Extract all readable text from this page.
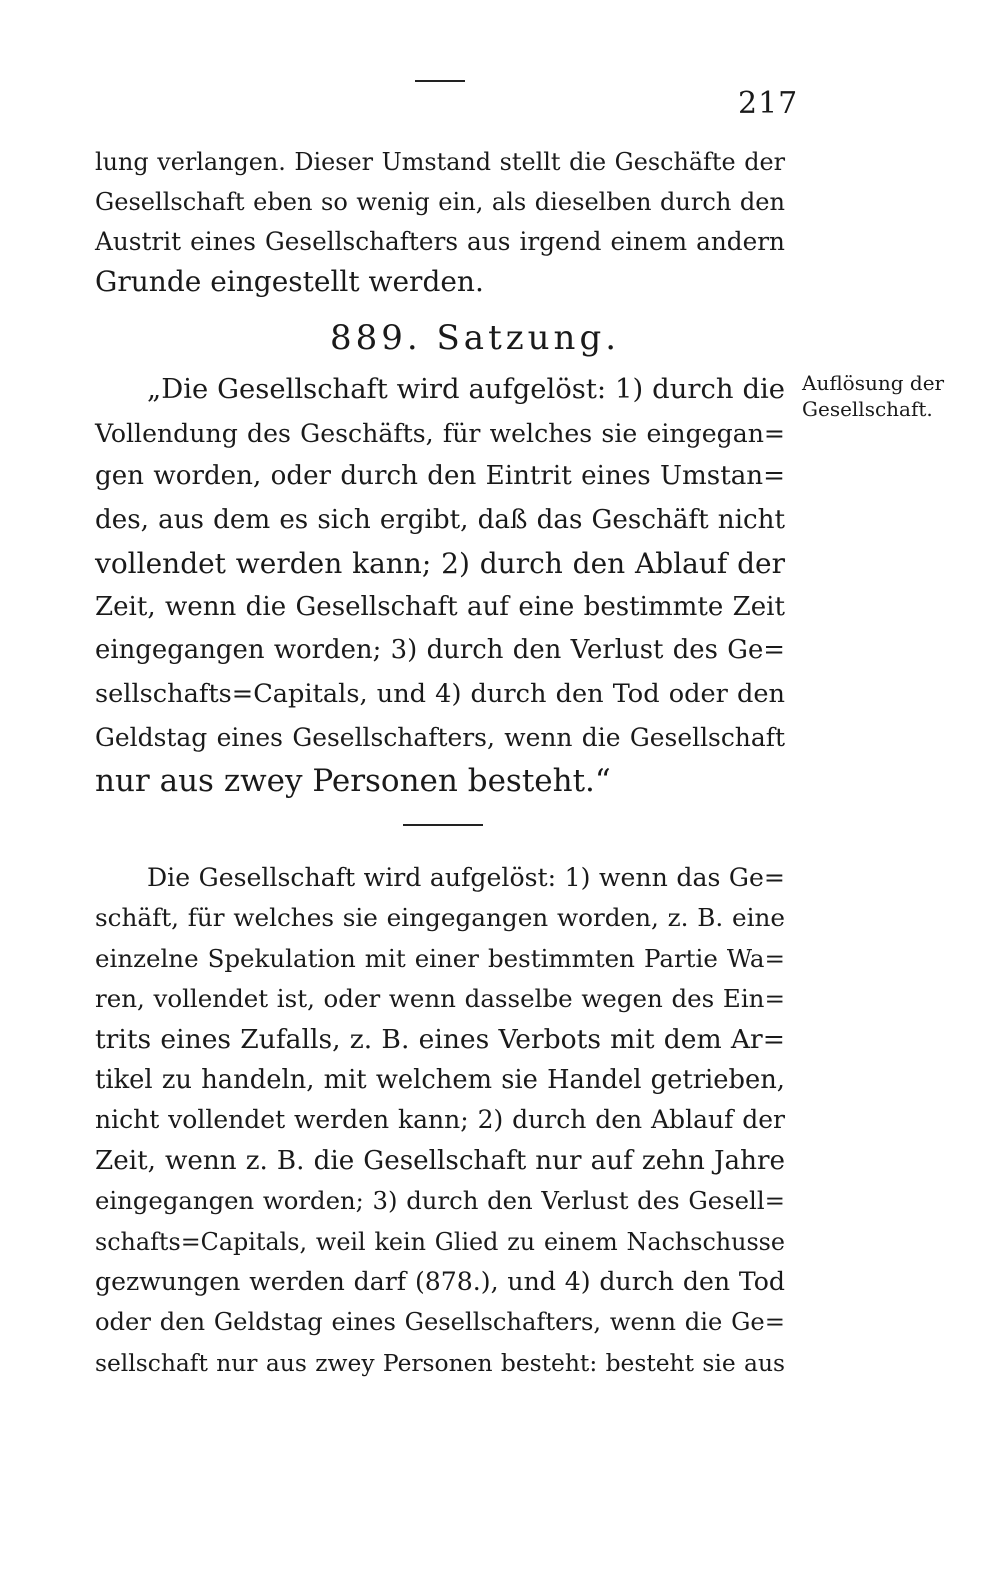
217
lung verlangen. Dieser Umstand stellt die Geschäfte der
Gesellschaft eben so wenig ein, als dieselben durch den
Austrit eines Gesellschafters aus irgend einem andern
Grunde eingestellt werden.
889. Satzung.
„Die Gesellschaft wird aufgelöst: 1) durch die
Vollendung des Geschäfts, für welches sie eingegan=
gen worden, oder durch den Eintrit eines Umstan=
des, aus dem es sich ergibt, daß das Geschäft nicht
vollendet werden kann; 2) durch den Ablauf der
Zeit, wenn die Gesellschaft auf eine bestimmte Zeit
eingegangen worden; 3) durch den Verlust des Ge=
sellschafts=Capitals, und 4) durch den Tod oder den
Geldstag eines Gesellschafters, wenn die Gesellschaft
nur aus zwey Personen besteht.“
Auflösung der
Gesellschaft.
Die Gesellschaft wird aufgelöst: 1) wenn das Ge=
schäft, für welches sie eingegangen worden, z. B. eine
einzelne Spekulation mit einer bestimmten Partie Wa=
ren, vollendet ist, oder wenn dasselbe wegen des Ein=
trits eines Zufalls, z. B. eines Verbots mit dem Ar=
tikel zu handeln, mit welchem sie Handel getrieben,
nicht vollendet werden kann; 2) durch den Ablauf der
Zeit, wenn z. B. die Gesellschaft nur auf zehn Jahre
eingegangen worden; 3) durch den Verlust des Gesell=
schafts=Capitals, weil kein Glied zu einem Nachschusse
gezwungen werden darf (878.), und 4) durch den Tod
oder den Geldstag eines Gesellschafters, wenn die Ge=
sellschaft nur aus zwey Personen besteht: besteht sie aus
